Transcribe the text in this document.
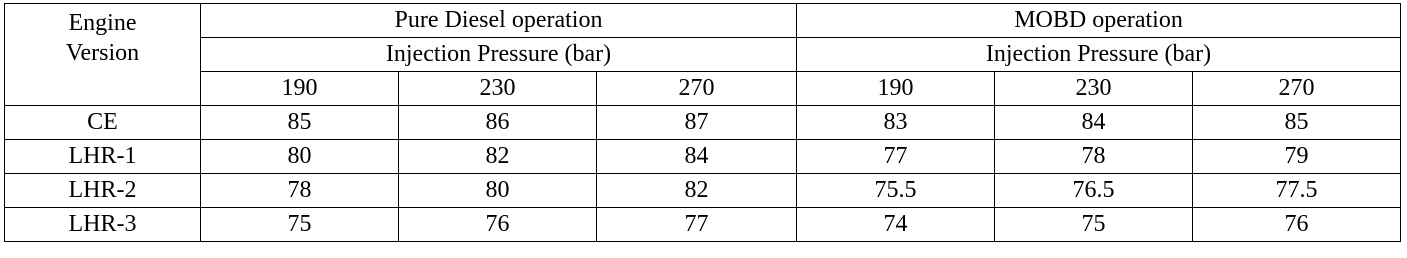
Engine
Version	Pure Diesel operation			MOBD operation		
	Injection Pressure (bar)			Injection Pressure (bar)		
	190	230	270	190	230	270
CE	85	86	87	83	84	85
LHR-1	80	82	84	77	78	79
LHR-2	78	80	82	75.5	76.5	77.5
LHR-3	75	76	77	74	75	76
